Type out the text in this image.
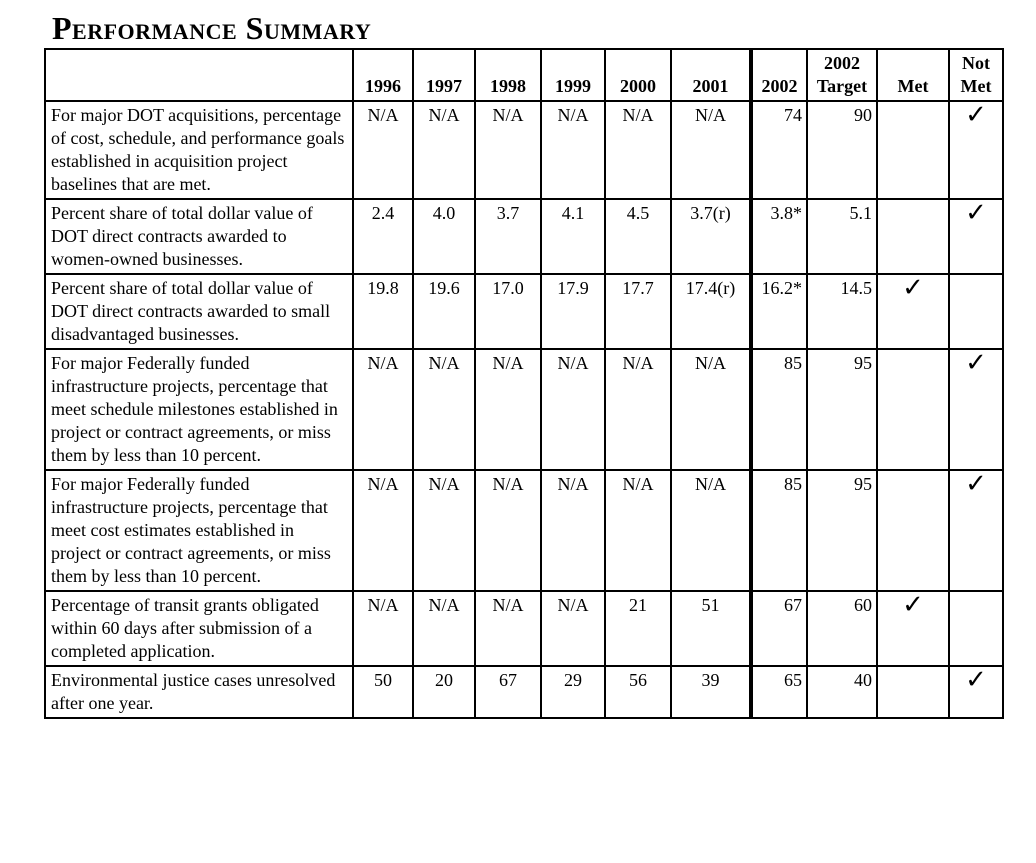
Performance Summary
	1996	1997	1998	1999	2000	2001	2002	2002 Target	Met	Not Met
For major DOT acquisitions, percentage of cost, schedule, and performance goals established in acquisition project baselines that are met.	N/A	N/A	N/A	N/A	N/A	N/A	74	90		✓
Percent share of total dollar value of DOT direct contracts awarded to women-owned businesses.	2.4	4.0	3.7	4.1	4.5	3.7(r)	3.8*	5.1		✓
Percent share of total dollar value of DOT direct contracts awarded to small disadvantaged businesses.	19.8	19.6	17.0	17.9	17.7	17.4(r)	16.2*	14.5	✓	
For major Federally funded infrastructure projects, percentage that meet schedule milestones established in project or contract agreements, or miss them by less than 10 percent.	N/A	N/A	N/A	N/A	N/A	N/A	85	95		✓
For major Federally funded infrastructure projects, percentage that meet cost estimates established in project or contract agreements, or miss them by less than 10 percent.	N/A	N/A	N/A	N/A	N/A	N/A	85	95		✓
Percentage of transit grants obligated within 60 days after submission of a completed application.	N/A	N/A	N/A	N/A	21	51	67	60	✓	
Environmental justice cases unresolved after one year.	50	20	67	29	56	39	65	40		✓
